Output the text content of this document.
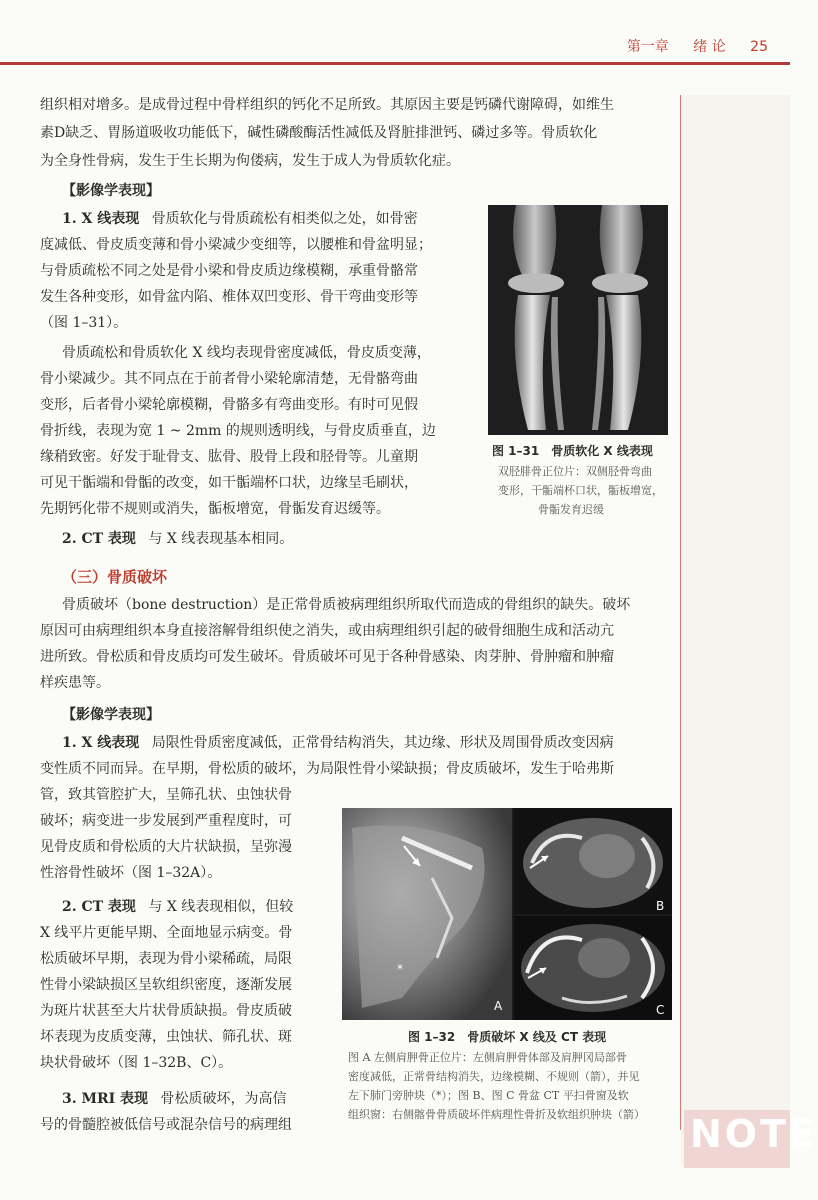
第一章 绪 论 25
NOTE
组织相对增多。是成骨过程中骨样组织的钙化不足所致。其原因主要是钙磷代谢障碍，如维生
素D缺乏、胃肠道吸收功能低下，碱性磷酸酶活性减低及肾脏排泄钙、磷过多等。骨质软化
为全身性骨病，发生于生长期为佝偻病，发生于成人为骨质软化症。
【影像学表现】
1. X 线表现 骨质软化与骨质疏松有相类似之处，如骨密
度减低、骨皮质变薄和骨小梁减少变细等，以腰椎和骨盆明显；
与骨质疏松不同之处是骨小梁和骨皮质边缘模糊，承重骨骼常
发生各种变形，如骨盆内陷、椎体双凹变形、骨干弯曲变形等
（图 1–31）。
骨质疏松和骨质软化 X 线均表现骨密度减低，骨皮质变薄，
骨小梁减少。其不同点在于前者骨小梁轮廓清楚，无骨骼弯曲
变形，后者骨小梁轮廓模糊，骨骼多有弯曲变形。有时可见假
骨折线，表现为宽 1 ~ 2mm 的规则透明线，与骨皮质垂直，边
缘稍致密。好发于耻骨支、肱骨、股骨上段和胫骨等。儿童期
可见干骺端和骨骺的改变，如干骺端杯口状，边缘呈毛刷状，
先期钙化带不规则或消失，骺板增宽，骨骺发育迟缓等。
2. CT 表现 与 X 线表现基本相同。
图 1–31　骨质软化 X 线表现
双胫腓骨正位片：双侧胫骨弯曲
变形，干骺端杯口状，骺板增宽，
骨骺发育迟缓
（三）骨质破坏
骨质破坏（bone destruction）是正常骨质被病理组织所取代而造成的骨组织的缺失。破坏
原因可由病理组织本身直接溶解骨组织使之消失，或由病理组织引起的破骨细胞生成和活动亢
进所致。骨松质和骨皮质均可发生破坏。骨质破坏可见于各种骨感染、肉芽肿、骨肿瘤和肿瘤
样疾患等。
【影像学表现】
1. X 线表现 局限性骨质密度减低，正常骨结构消失，其边缘、形状及周围骨质改变因病
变性质不同而异。在早期，骨松质的破坏，为局限性骨小梁缺损；骨皮质破坏，发生于哈弗斯
管，致其管腔扩大，呈筛孔状、虫蚀状骨
破坏；病变进一步发展到严重程度时，可
见骨皮质和骨松质的大片状缺损，呈弥漫
性溶骨性破坏（图 1–32A）。
2. CT 表现 与 X 线表现相似，但较
X 线平片更能早期、全面地显示病变。骨
松质破坏早期，表现为骨小梁稀疏，局限
性骨小梁缺损区呈软组织密度，逐渐发展
为斑片状甚至大片状骨质缺损。骨皮质破
坏表现为皮质变薄，虫蚀状、筛孔状、斑
块状骨破坏（图 1–32B、C）。
3. MRI 表现 骨松质破坏，为高信
号的骨髓腔被低信号或混杂信号的病理组
*
A
B
C
图 1–32　骨质破坏 X 线及 CT 表现
图 A 左侧肩胛骨正位片：左侧肩胛骨体部及肩胛冈局部骨
密度减低，正常骨结构消失，边缘模糊、不规则（箭），并见
左下肺门旁肿块（*）；图 B、图 C 骨盆 CT 平扫骨窗及软
组织窗：右侧髂骨骨质破坏伴病理性骨折及软组织肿块（箭）
